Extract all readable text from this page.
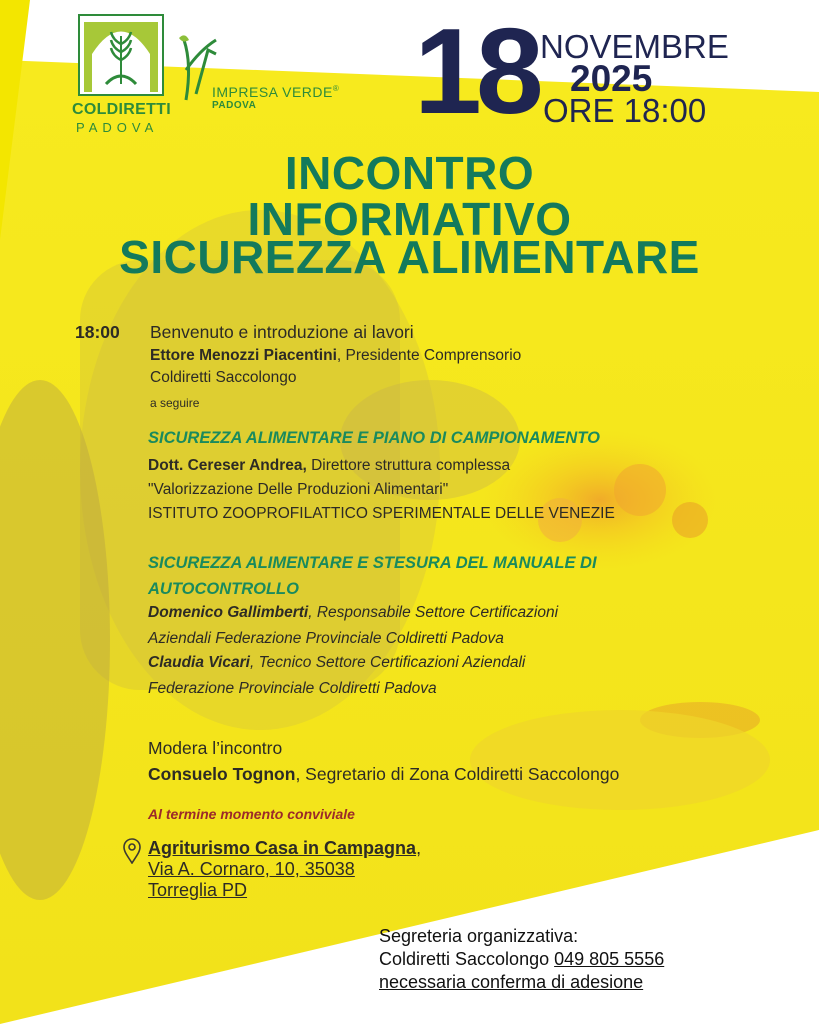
COLDIRETTI
PADOVA
IMPRESA VERDE®
PADOVA 18 NOVEMBRE
2025
ORE 18:00
INCONTRO
INFORMATIVO
SICUREZZA ALIMENTARE
18:00 Benvenuto e introduzione ai lavori
Ettore Menozzi Piacentini, Presidente Comprensorio
Coldiretti Saccolongo
a seguire
SICUREZZA ALIMENTARE E PIANO DI CAMPIONAMENTO
Dott. Cereser Andrea, Direttore struttura complessa
"Valorizzazione Delle Produzioni Alimentari"
ISTITUTO ZOOPROFILATTICO SPERIMENTALE DELLE VENEZIE
SICUREZZA ALIMENTARE E STESURA DEL MANUALE DI
AUTOCONTROLLO
Domenico Gallimberti, Responsabile Settore Certificazioni
Aziendali Federazione Provinciale Coldiretti Padova
Claudia Vicari, Tecnico Settore Certificazioni Aziendali
Federazione Provinciale Coldiretti Padova
Modera l’incontro
Consuelo Tognon, Segretario di Zona Coldiretti Saccolongo
Al termine momento conviviale
Agriturismo Casa in Campagna,
Via A. Cornaro, 10, 35038
Torreglia PD
Segreteria organizzativa:
Coldiretti Saccolongo 049 805 5556
necessaria conferma di adesione
